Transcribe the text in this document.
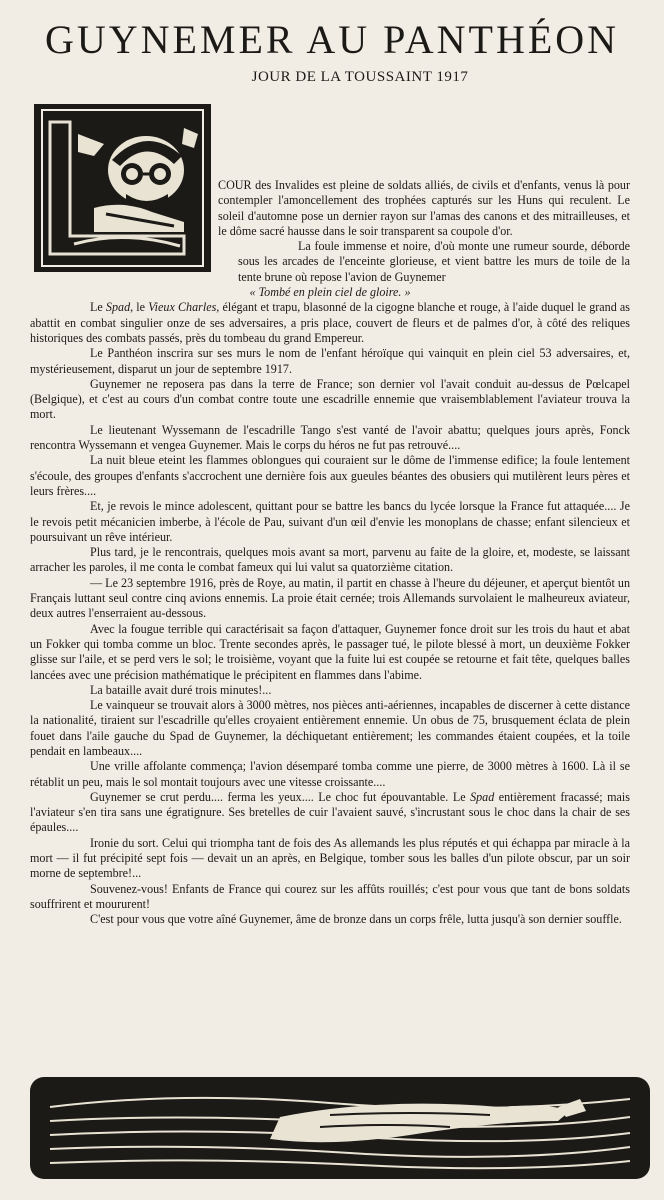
GUYNEMER AU PANTHÉON
JOUR DE LA TOUSSAINT 1917

COUR des Invalides est pleine de soldats alliés, de civils et d'enfants, venus là pour contempler l'amoncellement des trophées capturés sur les Huns qui reculent. Le soleil d'automne pose un dernier rayon sur l'amas des canons et des mitrailleuses, et le dôme sacré hausse dans le soir transparent sa coupole d'or.

La foule immense et noire, d'où monte une rumeur sourde, déborde sous les arcades de l'enceinte glorieuse, et vient battre les murs de toile de la tente brune où repose l'avion de Guynemer

« Tombé en plein ciel de gloire. »

Le Spad, le Vieux Charles, élégant et trapu, blasonné de la cigogne blanche et rouge, à l'aide duquel le grand as abattit en combat singulier onze de ses adversaires, a pris place, couvert de fleurs et de palmes d'or, à côté des reliques historiques des combats passés, près du tombeau du grand Empereur.

Le Panthéon inscrira sur ses murs le nom de l'enfant héroïque qui vainquit en plein ciel 53 adversaires, et, mystérieusement, disparut un jour de septembre 1917.

Guynemer ne reposera pas dans la terre de France; son dernier vol l'avait conduit au-dessus de Pœlcapel (Belgique), et c'est au cours d'un combat contre toute une escadrille ennemie que vraisemblablement l'aviateur trouva la mort.

Le lieutenant Wyssemann de l'escadrille Tango s'est vanté de l'avoir abattu; quelques jours après, Fonck rencontra Wyssemann et vengea Guynemer. Mais le corps du héros ne fut pas retrouvé....

La nuit bleue eteint les flammes oblongues qui couraient sur le dôme de l'immense edifice; la foule lentement s'écoule, des groupes d'enfants s'accrochent une dernière fois aux gueules béantes des obusiers qui mutilèrent leurs pères et leurs frères....

Et, je revois le mince adolescent, quittant pour se battre les bancs du lycée lorsque la France fut attaquée.... Je le revois petit mécanicien imberbe, à l'école de Pau, suivant d'un œil d'envie les monoplans de chasse; enfant silencieux et poursuivant un rêve intérieur.

Plus tard, je le rencontrais, quelques mois avant sa mort, parvenu au faite de la gloire, et, modeste, se laissant arracher les paroles, il me conta le combat fameux qui lui valut sa quatorzième citation.

— Le 23 septembre 1916, près de Roye, au matin, il partit en chasse à l'heure du déjeuner, et aperçut bientôt un Français luttant seul contre cinq avions ennemis. La proie était cernée; trois Allemands survolaient le malheureux aviateur, deux autres l'enserraient au-dessous.

Avec la fougue terrible qui caractérisait sa façon d'attaquer, Guynemer fonce droit sur les trois du haut et abat un Fokker qui tomba comme un bloc. Trente secondes après, le passager tué, le pilote blessé à mort, un deuxième Fokker glisse sur l'aile, et se perd vers le sol; le troisième, voyant que la fuite lui est coupée se retourne et fait tête, quelques balles lancées avec une précision mathématique le précipitent en flammes dans l'abime.

La bataille avait duré trois minutes!...

Le vainqueur se trouvait alors à 3000 mètres, nos pièces anti-aériennes, incapables de discerner à cette distance la nationalité, tiraient sur l'escadrille qu'elles croyaient entièrement ennemie. Un obus de 75, brusquement éclata de plein fouet dans l'aile gauche du Spad de Guynemer, la déchiquetant entièrement; les commandes étaient coupées, et la toile pendait en lambeaux....

Une vrille affolante commença; l'avion désemparé tomba comme une pierre, de 3000 mètres à 1600. Là il se rétablit un peu, mais le sol montait toujours avec une vitesse croissante....

Guynemer se crut perdu.... ferma les yeux.... Le choc fut épouvantable. Le Spad entièrement fracassé; mais l'aviateur s'en tira sans une égratignure. Ses bretelles de cuir l'avaient sauvé, s'incrustant sous le choc dans la chair de ses épaules....

Ironie du sort. Celui qui triompha tant de fois des As allemands les plus réputés et qui échappa par miracle à la mort — il fut précipité sept fois — devait un an après, en Belgique, tomber sous les balles d'un pilote obscur, par un soir morne de septembre!...

Souvenez-vous! Enfants de France qui courez sur les affûts rouillés; c'est pour vous que tant de bons soldats souffrirent et moururent!

C'est pour vous que votre aîné Guynemer, âme de bronze dans un corps frêle, lutta jusqu'à son dernier souffle.
